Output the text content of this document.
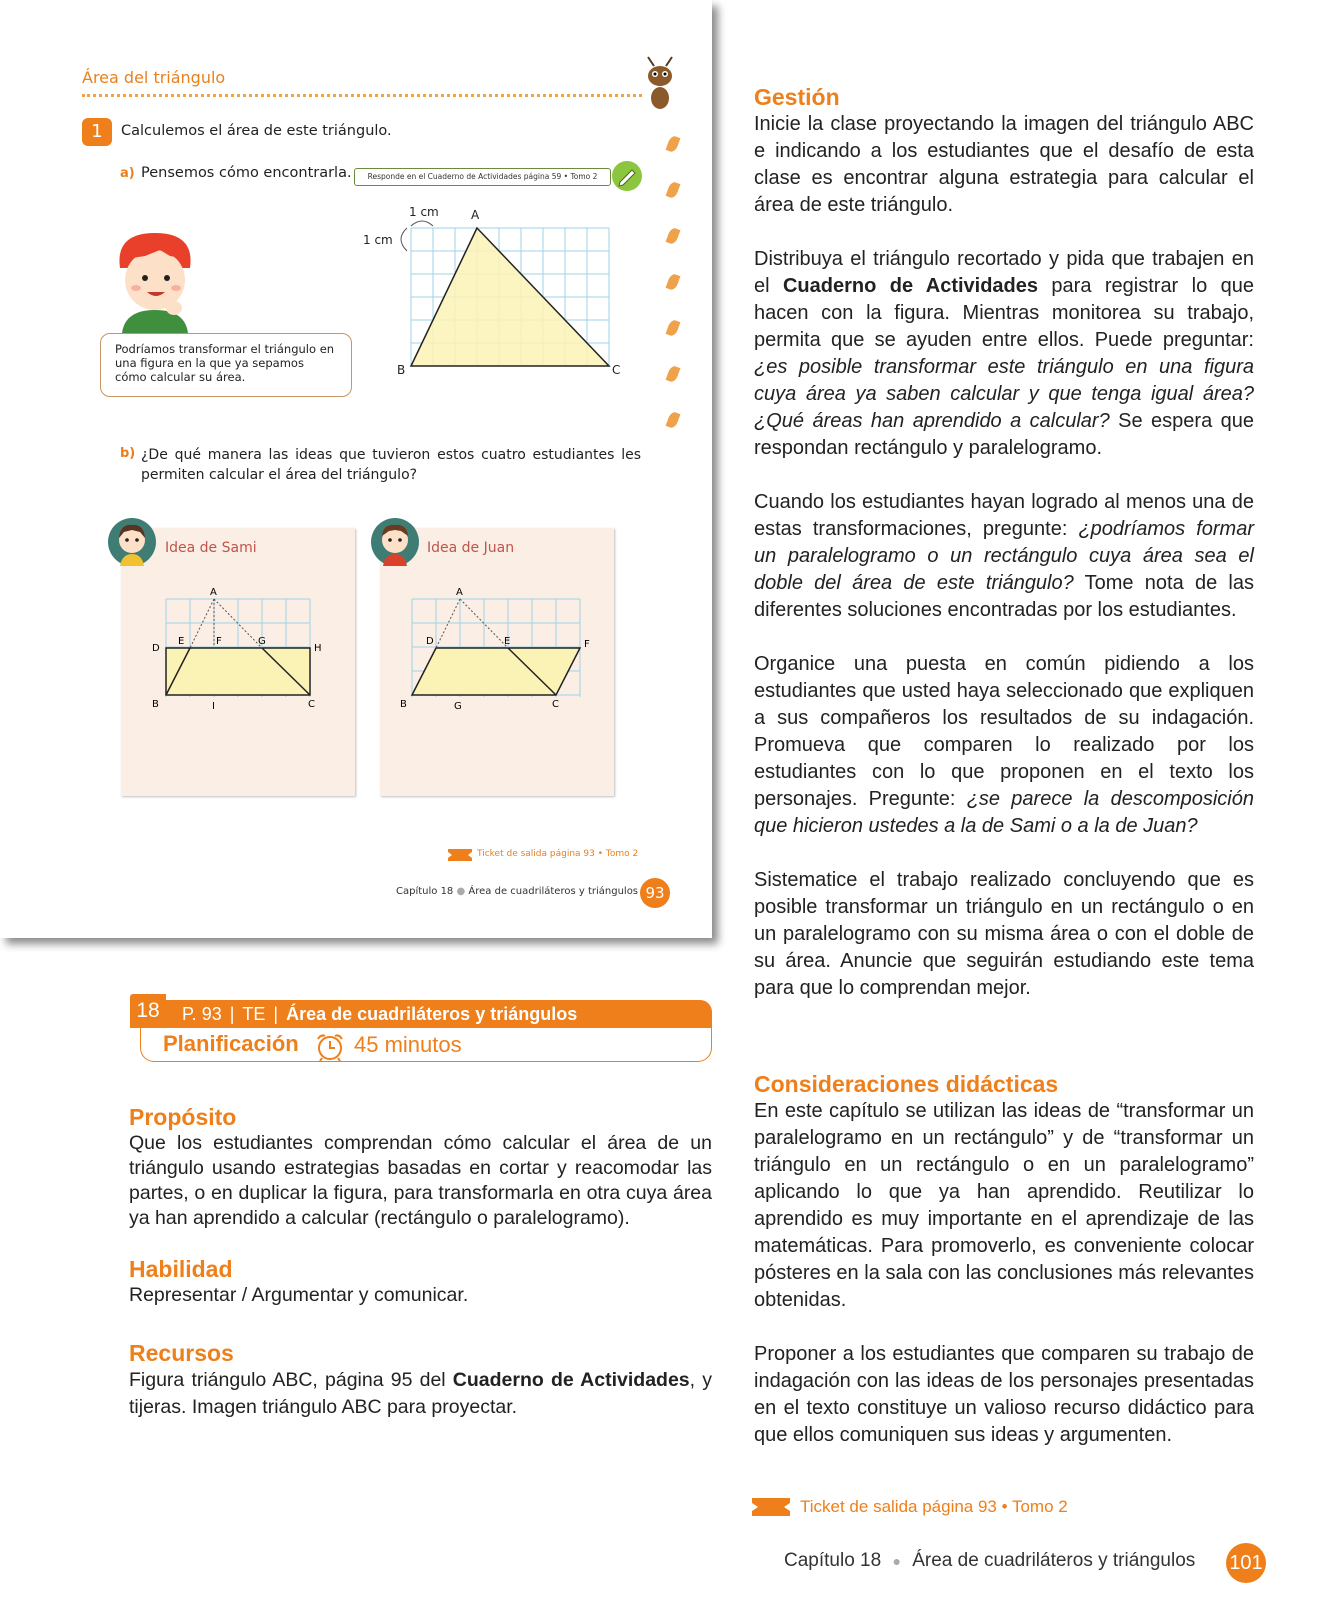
Área del triángulo
1	Calculemos el área de este triángulo.
a) Pensemos cómo encontrarla.	Responde en el Cuaderno de Actividades página 59 • Tomo 2
Podríamos transformar el triángulo en una figura en la que ya sepamos cómo calcular su área.
1 cm
1 cm
A
B	C
b) ¿De qué manera las ideas que tuvieron estos cuatro estudiantes les permiten calcular el área del triángulo?
Idea de Sami
A
D
E	F	G
H
B	I	C
Idea de Juan
A
D	E	F
B	G	C
Ticket de salida página 93 • Tomo 2
Capítulo 18 ● Área de cuadriláteros y triángulos 93
18	P. 93 | TE | Área de cuadriláteros y triángulos
Planificación	45 minutos
Propósito

Que los estudiantes comprendan cómo calcular el área de un triángulo usando estrategias basadas en cortar y reacomodar las partes, o en duplicar la figura, para transformarla en otra cuya área ya han aprendido a calcular (rectángulo o paralelogramo).

Habilidad

Representar / Argumentar y comunicar.

Recursos

Figura triángulo ABC, página 95 del Cuaderno de Actividades, y tijeras. Imagen triángulo ABC para proyectar.

Gestión

Inicie la clase proyectando la imagen del triángulo ABC e indicando a los estudiantes que el desafío de esta clase es encontrar alguna estrategia para calcular el área de este triángulo.

Distribuya el triángulo recortado y pida que trabajen en el Cuaderno de Actividades para registrar lo que hacen con la figura. Mientras monitorea su trabajo, permita que se ayuden entre ellos. Puede preguntar: ¿es posible transformar este triángulo en una figura cuya área ya saben calcular y que tenga igual área? ¿Qué áreas han aprendido a calcular? Se espera que respondan rectángulo y paralelogramo.

Cuando los estudiantes hayan logrado al menos una de estas transformaciones, pregunte: ¿podríamos formar un paralelogramo o un rectángulo cuya área sea el doble del área de este triángulo? Tome nota de las diferentes soluciones encontradas por los estudiantes.

Organice una puesta en común pidiendo a los estudiantes que usted haya seleccionado que expliquen a sus compañeros los resultados de su indagación. Promueva que comparen lo realizado por los estudiantes con lo que proponen en el texto los personajes. Pregunte: ¿se parece la descomposición que hicieron ustedes a la de Sami o a la de Juan?

Sistematice el trabajo realizado concluyendo que es posible transformar un triángulo en un rectángulo o en un paralelogramo con su misma área o con el doble de su área. Anuncie que seguirán estudiando este tema para que lo comprendan mejor.

Consideraciones didácticas

En este capítulo se utilizan las ideas de “transformar un paralelogramo en un rectángulo” y de “transformar un triángulo en un rectángulo o en un paralelogramo” aplicando lo que ya han aprendido. Reutilizar lo aprendido es muy importante en el aprendizaje de las matemáticas. Para promoverlo, es conveniente colocar pósteres en la sala con las conclusiones más relevantes obtenidas.

Proponer a los estudiantes que comparen su trabajo de indagación con las ideas de los personajes presentadas en el texto constituye un valioso recurso didáctico para que ellos comuniquen sus ideas y argumenten.

Ticket de salida página 93 • Tomo 2
Capítulo 18 ● Área de cuadriláteros y triángulos 101
